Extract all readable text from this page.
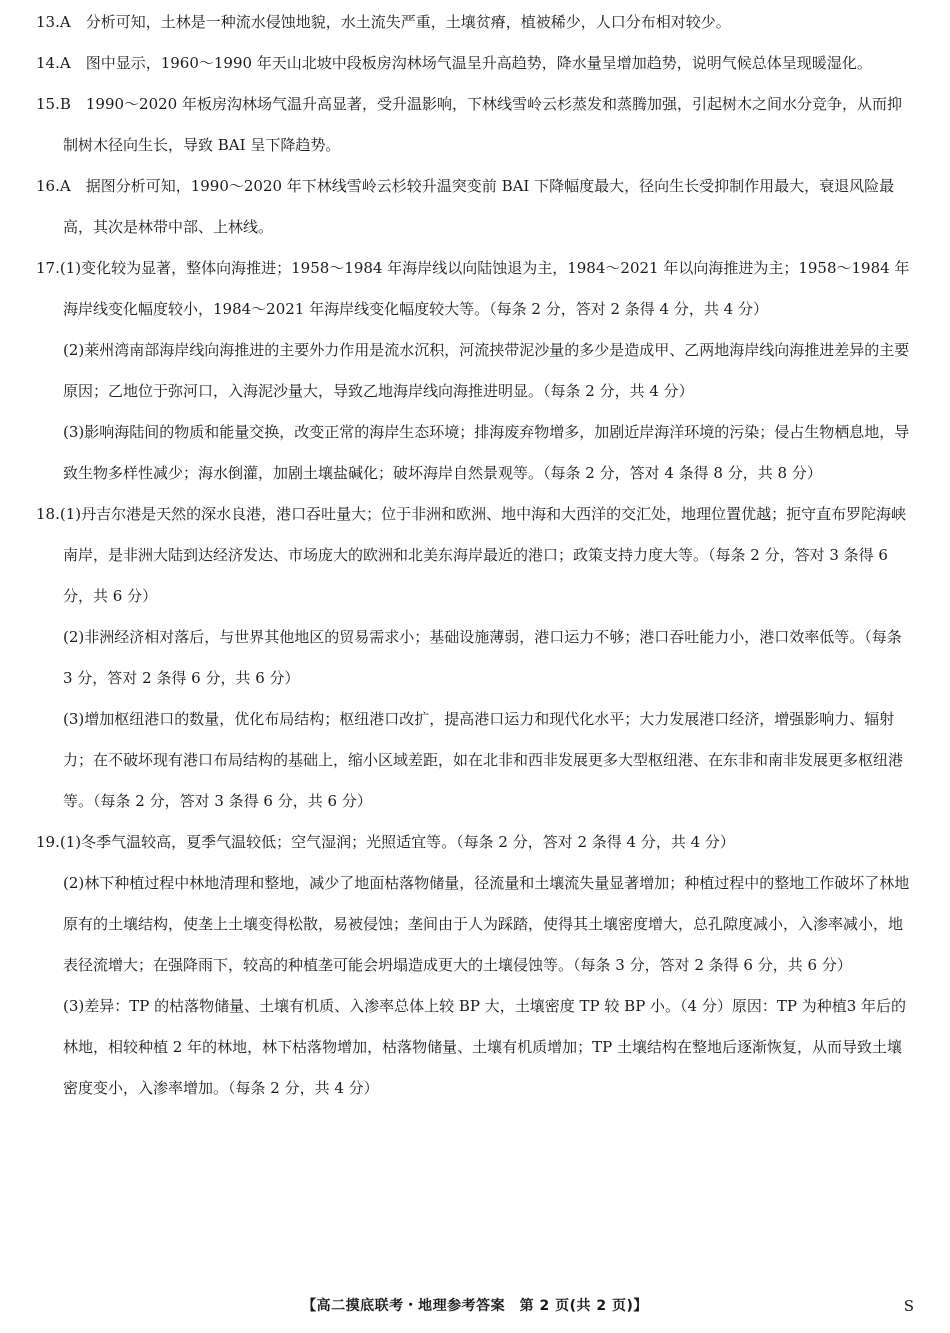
13.A　分析可知，土林是一种流水侵蚀地貌，水土流失严重，土壤贫瘠，植被稀少，人口分布相对较少。

14.A　图中显示，1960～1990 年天山北坡中段板房沟林场气温呈升高趋势，降水量呈增加趋势，说明气候总体呈现暖湿化。

15.B　1990～2020 年板房沟林场气温升高显著，受升温影响，下林线雪岭云杉蒸发和蒸腾加强，引起树木之间水分竞争，从而抑制树木径向生长，导致 BAI 呈下降趋势。

16.A　据图分析可知，1990～2020 年下林线雪岭云杉较升温突变前 BAI 下降幅度最大，径向生长受抑制作用最大，衰退风险最高，其次是林带中部、上林线。

17.(1)变化较为显著，整体向海推进；1958～1984 年海岸线以向陆蚀退为主，1984～2021 年以向海推进为主；1958～1984 年海岸线变化幅度较小，1984～2021 年海岸线变化幅度较大等。（每条 2 分，答对 2 条得 4 分，共 4 分）

(2)莱州湾南部海岸线向海推进的主要外力作用是流水沉积，河流挟带泥沙量的多少是造成甲、乙两地海岸线向海推进差异的主要原因；乙地位于弥河口，入海泥沙量大，导致乙地海岸线向海推进明显。（每条 2 分，共 4 分）

(3)影响海陆间的物质和能量交换，改变正常的海岸生态环境；排海废弃物增多，加剧近岸海洋环境的污染；侵占生物栖息地，导致生物多样性减少；海水倒灌，加剧土壤盐碱化；破坏海岸自然景观等。（每条 2 分，答对 4 条得 8 分，共 8 分）

18.(1)丹吉尔港是天然的深水良港，港口吞吐量大；位于非洲和欧洲、地中海和大西洋的交汇处，地理位置优越；扼守直布罗陀海峡南岸，是非洲大陆到达经济发达、市场庞大的欧洲和北美东海岸最近的港口；政策支持力度大等。（每条 2 分，答对 3 条得 6 分，共 6 分）

(2)非洲经济相对落后，与世界其他地区的贸易需求小；基础设施薄弱，港口运力不够；港口吞吐能力小，港口效率低等。（每条 3 分，答对 2 条得 6 分，共 6 分）

(3)增加枢纽港口的数量，优化布局结构；枢纽港口改扩，提高港口运力和现代化水平；大力发展港口经济，增强影响力、辐射力；在不破坏现有港口布局结构的基础上，缩小区域差距，如在北非和西非发展更多大型枢纽港、在东非和南非发展更多枢纽港等。（每条 2 分，答对 3 条得 6 分，共 6 分）

19.(1)冬季气温较高，夏季气温较低；空气湿润；光照适宜等。（每条 2 分，答对 2 条得 4 分，共 4 分）

(2)林下种植过程中林地清理和整地，减少了地面枯落物储量，径流量和土壤流失量显著增加；种植过程中的整地工作破坏了林地原有的土壤结构，使垄上土壤变得松散，易被侵蚀；垄间由于人为踩踏，使得其土壤密度增大，总孔隙度减小，入渗率减小，地表径流增大；在强降雨下，较高的种植垄可能会坍塌造成更大的土壤侵蚀等。（每条 3 分，答对 2 条得 6 分，共 6 分）

(3)差异：TP 的枯落物储量、土壤有机质、入渗率总体上较 BP 大，土壤密度 TP 较 BP 小。（4 分）原因：TP 为种植3 年后的林地，相较种植 2 年的林地，林下枯落物增加，枯落物储量、土壤有机质增加；TP 土壤结构在整地后逐渐恢复，从而导致土壤密度变小，入渗率增加。（每条 2 分，共 4 分）

【高二摸底联考・地理参考答案　第 2 页(共 2 页)】	S
